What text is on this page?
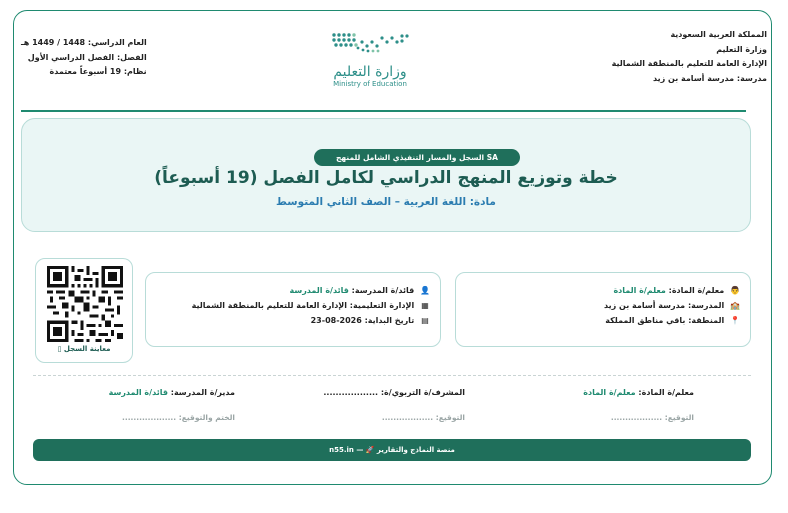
المملكة العربية السعودية
وزارة التعليم
الإدارة العامة للتعليم بالمنطقة الشمالية
مدرسة: مدرسة أسامة بن زيد
العام الدراسي: 1448 / 1449 هـ
الفصل: الفصل الدراسي الأول
نظام: 19 أسبوعاً معتمدة	وزارة التعليم
Ministry of Education
SA السجل والمسار التنفيذي الشامل للمنهج
خطة وتوزيع المنهج الدراسي لكامل الفصل (19 أسبوعاً)
مادة: اللغة العربية – الصف الثاني المتوسط
معاينة السجل ▯
👤 قائد/ة المدرسة: قائد/ة المدرسة
▦ الإدارة التعليمية: الإدارة العامة للتعليم بالمنطقة الشمالية
▤ تاريخ البداية: 2026-08-23
👨 معلم/ة المادة: معلم/ة المادة
🏫 المدرسة: مدرسة أسامة بن زيد
📍 المنطقة: باقي مناطق المملكة
معلم/ة المادة: معلم/ة المادة
المشرف/ة التربوي/ة: ..................
مدير/ة المدرسة: قائد/ة المدرسة
التوقيع: ..................
التوقيع: ..................
الختم والتوقيع: ...................
منصة النماذج والتقارير 🚀 — n55.in
